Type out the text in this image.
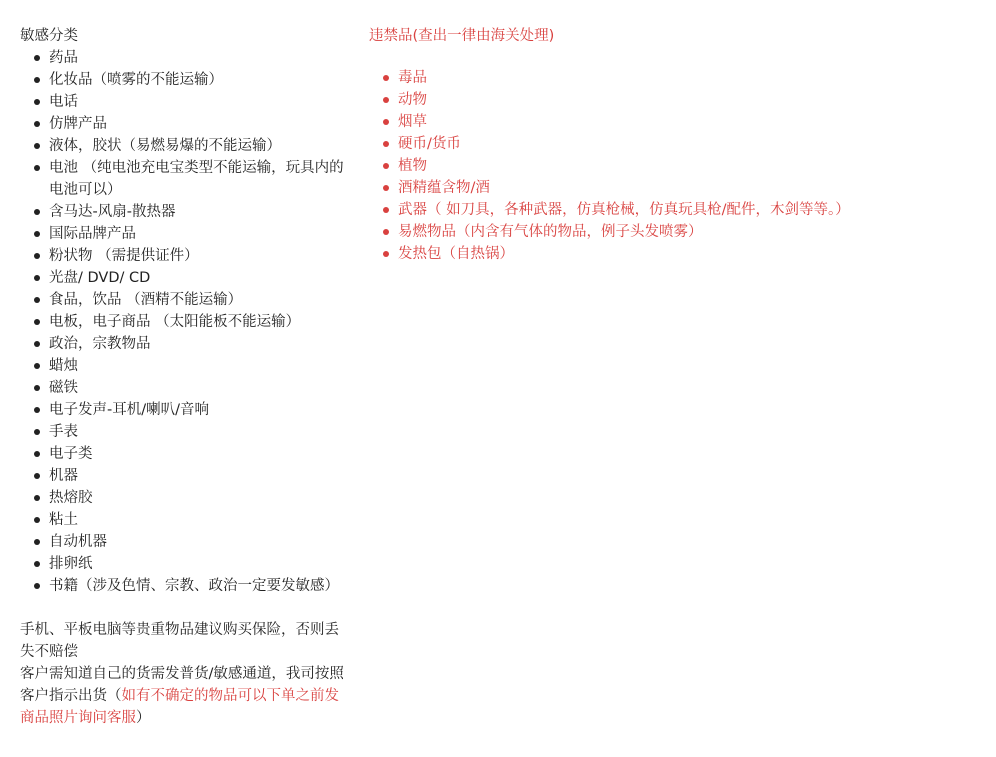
敏感分类
药品
化妆品（喷雾的不能运输）
电话
仿牌产品
液体，胶状（易燃易爆的不能运输）
电池 （纯电池充电宝类型不能运输，玩具内的电池可以）
含马达-风扇-散热器
国际品牌产品
粉状物 （需提供证件）
光盘/ DVD/ CD
食品，饮品 （酒精不能运输）
电板，电子商品 （太阳能板不能运输）
政治，宗教物品
蜡烛
磁铁
电子发声-耳机/喇叭/音响
手表
电子类
机器
热熔胶
粘土
自动机器
排卵纸
书籍（涉及色情、宗教、政治一定要发敏感）

手机、平板电脑等贵重物品建议购买保险，否则丢失不赔偿

客户需知道自己的货需发普货/敏感通道，我司按照客户指示出货（如有不确定的物品可以下单之前发商品照片询问客服）

违禁品(查出一律由海关处理)
毒品
动物
烟草
硬币/货币
植物
酒精蕴含物/酒
武器（ 如刀具，各种武器，仿真枪械，仿真玩具枪/配件，木剑等等。）
易燃物品（内含有气体的物品，例子头发喷雾）
发热包（自热锅）
